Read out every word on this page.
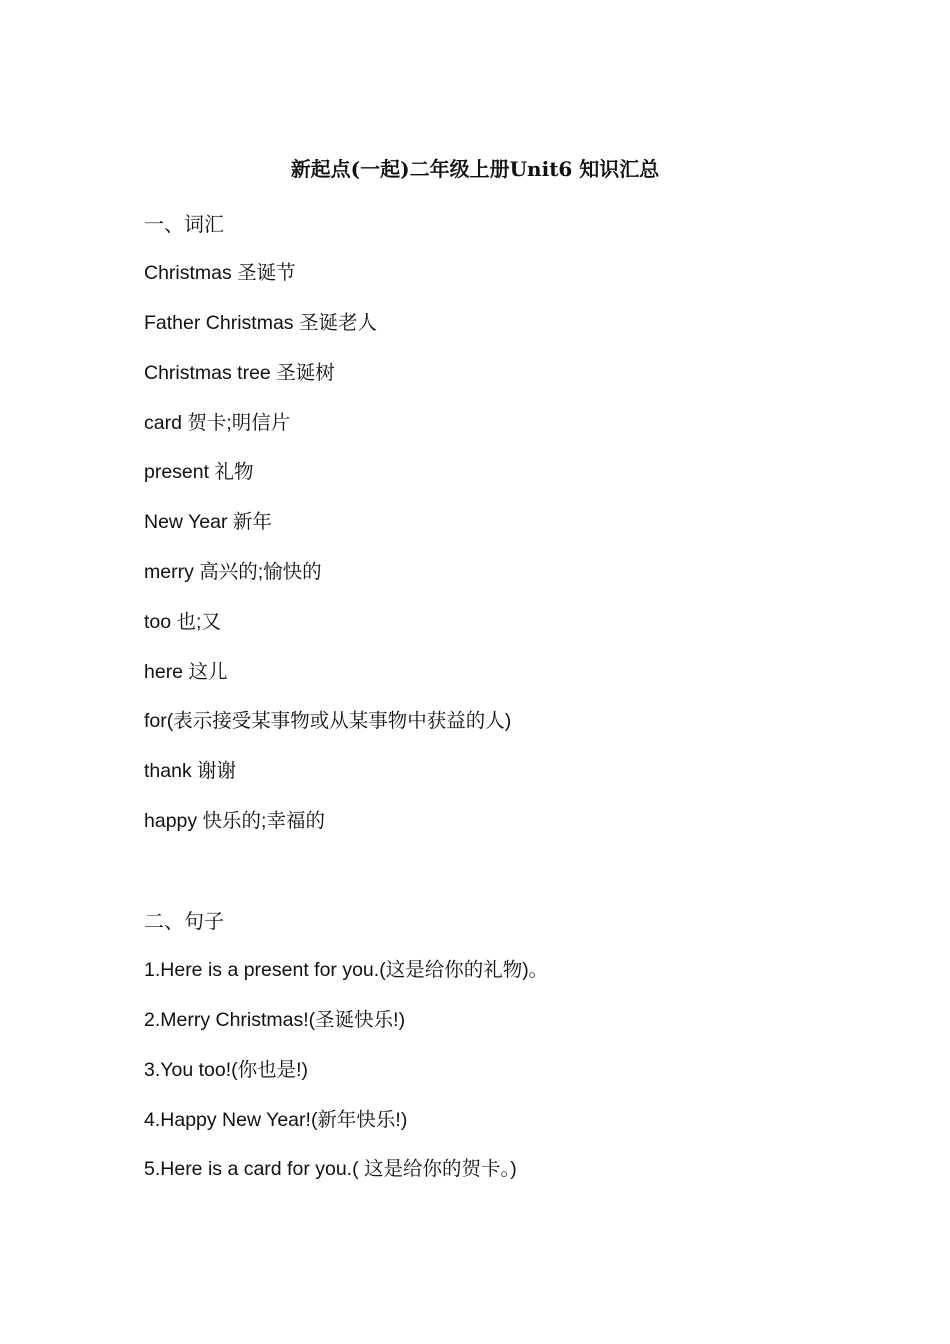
新起点(一起)二年级上册Unit6 知识汇总
一、词汇
Christmas 圣诞节
Father Christmas 圣诞老人
Christmas tree 圣诞树
card 贺卡;明信片
present 礼物
New Year 新年
merry 高兴的;愉快的
too 也;又
here 这儿
for(表示接受某事物或从某事物中获益的人)
thank 谢谢
happy 快乐的;幸福的
二、句子
1.Here is a present for you.(这是给你的礼物)。
2.Merry Christmas!(圣诞快乐!)
3.You too!(你也是!)
4.Happy New Year!(新年快乐!)
5.Here is a card for you.( 这是给你的贺卡。)
